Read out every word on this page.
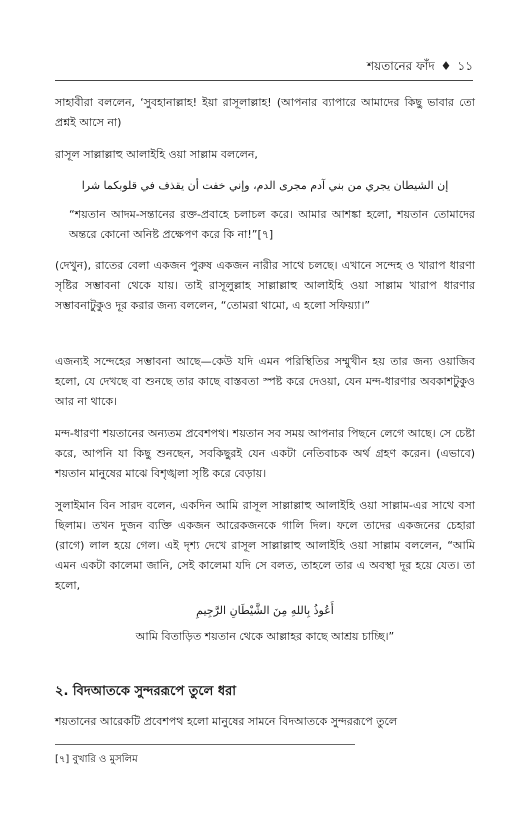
শয়তানের ফাঁদ ♦ ১১

সাহাবীরা বললেন, ‘সুবহানাল্লাহ! ইয়া রাসূলাল্লাহ! (আপনার ব্যাপারে আমাদের কিছু ভাবার তো প্রশ্নই আসে না)

রাসূল সাল্লাল্লাহু আলাইহি ওয়া সাল্লাম বললেন,

إن الشيطان يجري من بني آدم مجرى الدم، وإني خفت أن يقذف في قلوبكما شرا

“শয়তান আদম-সন্তানের রক্ত-প্রবাহে চলাচল করে। আমার আশঙ্কা হলো, শয়তান তোমাদের অন্তরে কোনো অনিষ্ট প্রক্ষেপণ করে কি না!”[৭]

(দেখুন), রাতের বেলা একজন পুরুষ একজন নারীর সাথে চলছে। এখানে সন্দেহ ও খারাপ ধারণা সৃষ্টির সম্ভাবনা থেকে যায়। তাই রাসূলুল্লাহ সাল্লাল্লাহু আলাইহি ওয়া সাল্লাম খারাপ ধারণার সম্ভাবনাটুকুও দূর করার জন্য বললেন, “তোমরা থামো, এ হলো সফিয়্যা।”

এজন্যই সন্দেহের সম্ভাবনা আছে—কেউ যদি এমন পরিস্থিতির সম্মুখীন হয় তার জন্য ওয়াজিব হলো, যে দেখছে বা শুনছে তার কাছে বাস্তবতা স্পষ্ট করে দেওয়া, যেন মন্দ-ধারণার অবকাশটুকুও আর না থাকে।

মন্দ-ধারণা শয়তানের অন্যতম প্রবেশপথ। শয়তান সব সময় আপনার পিছনে লেগে আছে। সে চেষ্টা করে, আপনি যা কিছু শুনছেন, সবকিছুরই যেন একটা নেতিবাচক অর্থ গ্রহণ করেন। (এভাবে) শয়তান মানুষের মাঝে বিশৃঙ্খলা সৃষ্টি করে বেড়ায়।

সুলাইমান বিন সারদ বলেন, একদিন আমি রাসূল সাল্লাল্লাহু আলাইহি ওয়া সাল্লাম-এর সাথে বসা ছিলাম। তখন দুজন ব্যক্তি একজন আরেকজনকে গালি দিল। ফলে তাদের একজনের চেহারা (রাগে) লাল হয়ে গেল। এই দৃশ্য দেখে রাসূল সাল্লাল্লাহু আলাইহি ওয়া সাল্লাম বললেন, “আমি এমন একটা কালেমা জানি, সেই কালেমা যদি সে বলত, তাহলে তার এ অবস্থা দূর হয়ে যেত। তা হলো,

أَعُوذُ بِاللهِ مِنَ الشَّيْطَانِ الرَّجِيمِ
আমি বিতাড়িত শয়তান থেকে আল্লাহর কাছে আশ্রয় চাচ্ছি।”
২. বিদআতকে সুন্দররূপে তুলে ধরা

শয়তানের আরেকটি প্রবেশপথ হলো মানুষের সামনে বিদআতকে সুন্দররূপে তুলে

[৭] বুখারি ও মুসলিম
